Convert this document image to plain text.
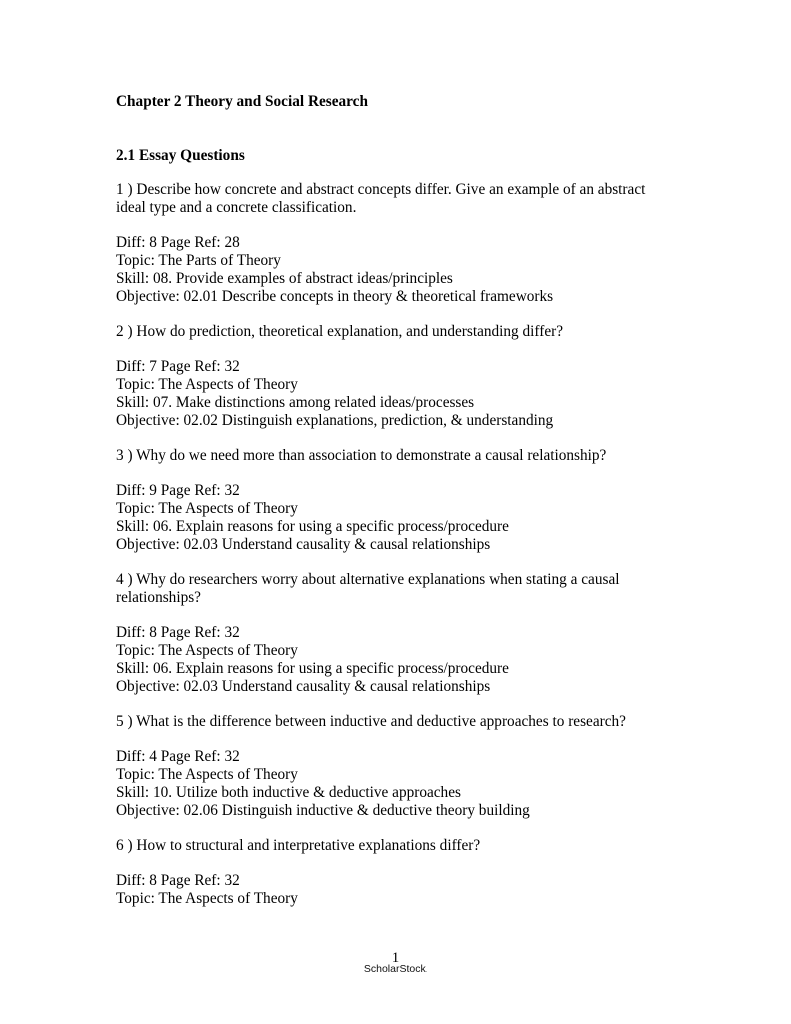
Chapter 2 Theory and Social Research
2.1 Essay Questions
1 ) Describe how concrete and abstract concepts differ. Give an example of an abstract ideal type and a concrete classification.
Diff: 8 Page Ref: 28
Topic: The Parts of Theory
Skill: 08. Provide examples of abstract ideas/principles
Objective: 02.01 Describe concepts in theory & theoretical frameworks
2 ) How do prediction, theoretical explanation, and understanding differ?
Diff: 7 Page Ref: 32
Topic: The Aspects of Theory
Skill: 07. Make distinctions among related ideas/processes
Objective: 02.02 Distinguish explanations, prediction, & understanding
3 ) Why do we need more than association to demonstrate a causal relationship?
Diff: 9 Page Ref: 32
Topic: The Aspects of Theory
Skill: 06. Explain reasons for using a specific process/procedure
Objective: 02.03 Understand causality & causal relationships
4 ) Why do researchers worry about alternative explanations when stating a causal relationships?
Diff: 8 Page Ref: 32
Topic: The Aspects of Theory
Skill: 06. Explain reasons for using a specific process/procedure
Objective: 02.03 Understand causality & causal relationships
5 ) What is the difference between inductive and deductive approaches to research?
Diff: 4 Page Ref: 32
Topic: The Aspects of Theory
Skill: 10. Utilize both inductive & deductive approaches
Objective: 02.06 Distinguish inductive & deductive theory building
6 ) How to structural and interpretative explanations differ?
Diff: 8 Page Ref: 32
Topic: The Aspects of Theory
1
ScholarStock.
